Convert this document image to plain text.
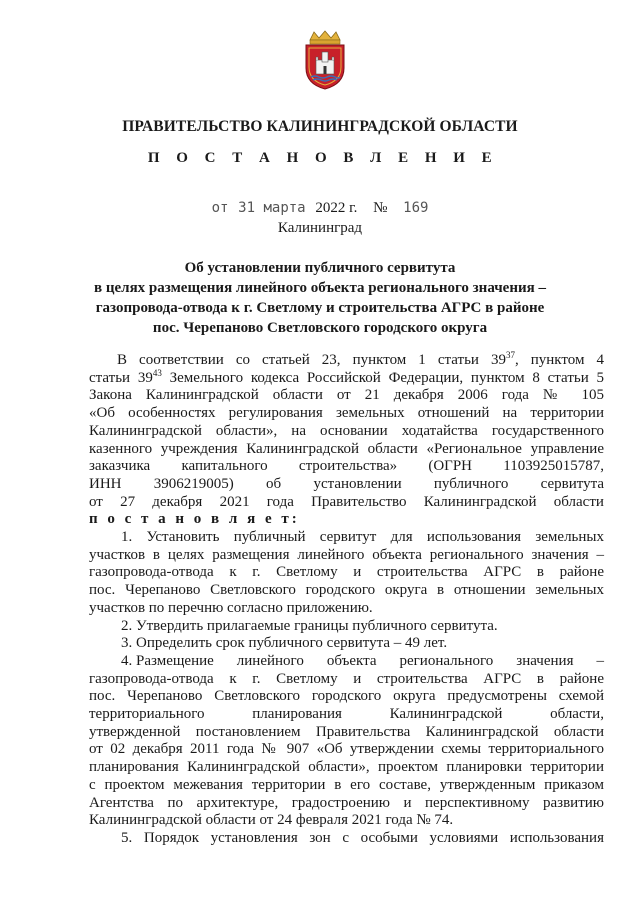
ПРАВИТЕЛЬСТВО КАЛИНИНГРАДСКОЙ ОБЛАСТИ
П О С Т А Н О В Л Е Н И Е
от 31 марта 2022 г. № 169
Калининград
Об установлении публичного сервитута
в целях размещения линейного объекта регионального значения –
газопровода-отвода к г. Светлому и строительства АГРС в районе
пос. Черепаново Светловского городского округа
В соответствии со статьей 23, пунктом 1 статьи $39^{37}$, пунктом 4
статьи $39^{43}$ Земельного кодекса Российской Федерации, пунктом 8 статьи 5
Закона Калининградской области от 21 декабря 2006 года № 105
«Об особенностях регулирования земельных отношений на территории
Калининградской области», на основании ходатайства государственного
казенного учреждения Калининградской области «Региональное управление
заказчика капитального строительства» (ОГРН 1103925015787,
ИНН 3906219005) об установлении публичного сервитута
от 27 декабря 2021 года Правительство Калининградской области
п о с т а н о в л я е т:
1. Установить публичный сервитут для использования земельных
участков в целях размещения линейного объекта регионального значения –
газопровода-отвода к г. Светлому и строительства АГРС в районе
пос. Черепаново Светловского городского округа в отношении земельных
участков по перечню согласно приложению.
2. Утвердить прилагаемые границы публичного сервитута.
3. Определить срок публичного сервитута – 49 лет.
4. Размещение линейного объекта регионального значения –
газопровода-отвода к г. Светлому и строительства АГРС в районе
пос. Черепаново Светловского городского округа предусмотрены схемой
территориального	планирования	Калининградской	области,
утвержденной постановлением Правительства Калининградской области
от 02 декабря 2011 года № 907 «Об утверждении схемы территориального
планирования Калининградской области», проектом планировки территории
с проектом межевания территории в его составе, утвержденным приказом
Агентства по архитектуре, градостроению и перспективному развитию
Калининградской области от 24 февраля 2021 года № 74.
5. Порядок установления зон с особыми условиями использования
